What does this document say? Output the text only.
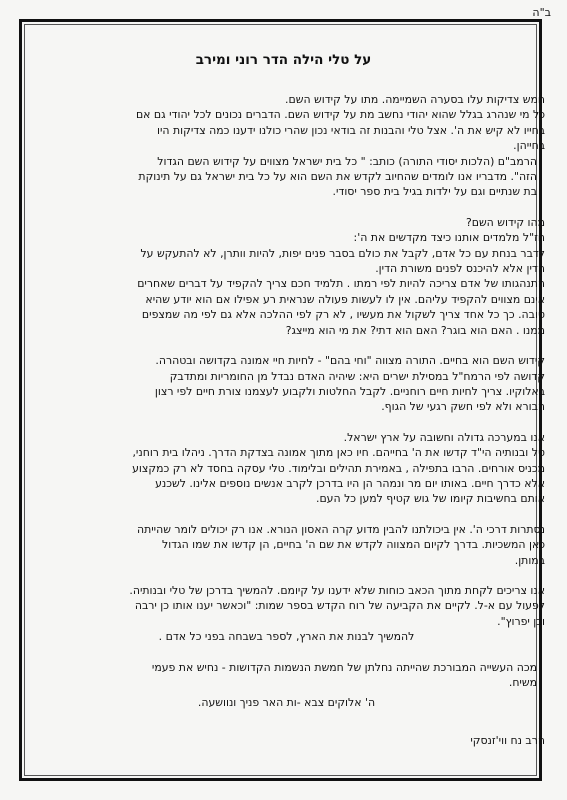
ב"ה
על טלי הילה הדר רוני ומירב

חמש צדיקות עלו בסערה השמיימה. מתו על קידוש השם.

כל מי שנהרג בגלל שהוא יהודי נחשב מת על קידוש השם. הדברים נכונים לכל יהודי גם אם

בחייו לא קיש את ה'. אצל טלי והבנות זה בודאי נכון שהרי כולנו ידענו כמה צדיקות היו

בחייהן.

הרמב"ם (הלכות יסודי התורה) כותב: " כל בית ישראל מצווים על קידוש השם הגדול

הזה". מדבריו אנו לומדים שהחיוב לקדש את השם הוא על כל בית ישראל גם על תינוקת

בת שנתיים וגם על ילדות בגיל בית ספר יסודי.

מהו קידוש השם?

חז"ל מלמדים אותנו כיצד מקדשים את ה':

לדבר בנחת עם כל אדם, לקבל את כולם בסבר פנים יפות, להיות וותרן, לא להתעקש על

הדין אלא להיכנס לפנים משורת הדין.

התנהגותו של אדם צריכה להיות לפי רמתו . תלמיד חכם צריך להקפיד על דברים שאחרים

אינם מצווים להקפיד עליהם. אין לו לעשות פעולה שנראית רע אפילו אם הוא יודע שהיא

טובה. כך כל אחד צריך לשקול את מעשיו , לא רק לפי ההלכה אלא גם לפי מה שמצפים

ממנו . האם הוא בוגר? האם הוא דתי? את מי הוא מייצג?

קידוש השם הוא בחיים. התורה מצווה "וחי בהם" - לחיות חיי אמונה בקדושה ובטהרה.

קדושה לפי הרמח"ל במסילת ישרים היא: שיהיה האדם נבדל מן החומריות ומתדבק

באלוקיו. צריך לחיות חיים רוחניים. לקבל החלטות ולקבוע לעצמנו צורת חיים לפי רצון

הבורא ולא לפי חשק רגעי של הגוף.

אנו במערכה גדולה וחשובה על ארץ ישראל.

טל ובנותיה הי"ד קדשו את ה' בחייהם. חיו כאן מתוך אמונה בצדקת הדרך. ניהלו בית רוחני,

מכניס אורחים. הרבו בתפילה , באמירת תהילים ובלימוד. טלי עסקה בחסד לא רק כמקצוע

אלא כדרך חיים. באותו יום מר ונמהר הן היו בדרכן לקרב אנשים נוספים אלינו. לשכנע

אותם בחשיבות קיומו של גוש קטיף למען כל העם.

נסתרות דרכי ה'. אין ביכולתנו להבין מדוע קרה האסון הנורא. אנו רק יכולים לומר שהייתה

כאן המשכיות. בדרך לקיום המצווה לקדש את שם ה' בחיים, הן קדשו את שמו הגדול

במותן.

אנו צריכים לקחת מתוך הכאב כוחות שלא ידענו על קיומם. להמשיך בדרכן של טלי ובנותיה.

לפעול עם א-ל. לקיים את הקביעה של רוח הקדש בספר שמות: "וכאשר יענו אותו כן ירבה

וכן יפרוץ".

להמשיך לבנות את הארץ, לספר בשבחה בפני כל אדם .

מכה העשייה המבורכת שהייתה נחלתן של חמשת הנשמות הקדושות - נחיש את פעמי

משיח.

ה' אלוקים צבא -ות האר פניך ונוושעה.

הרב נח ווי'זנסקי
